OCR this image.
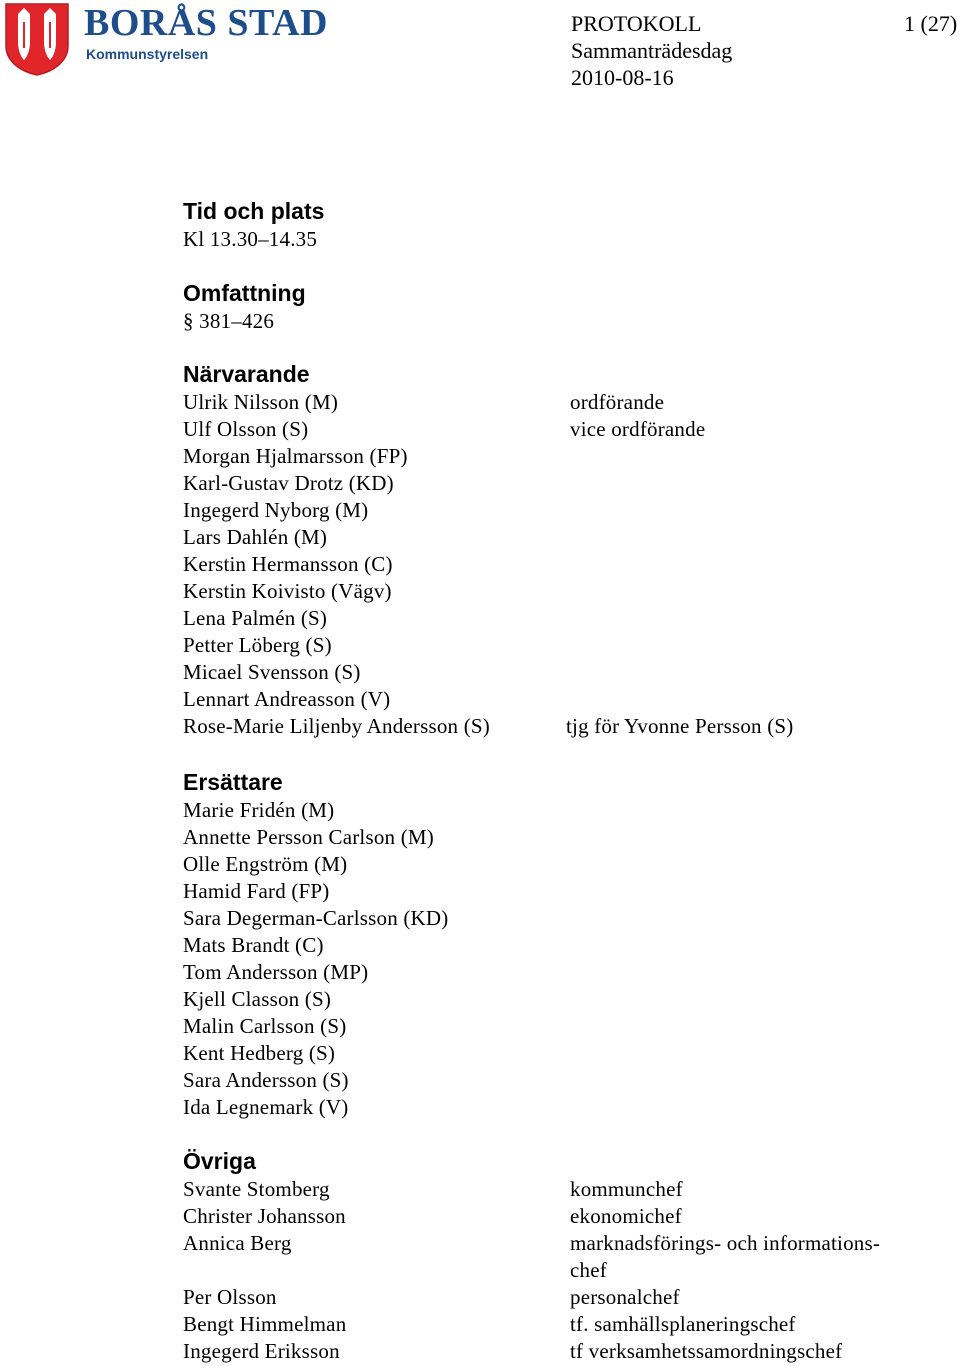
BORÅS STAD
Kommunstyrelsen
PROTOKOLL	1 (27)
Sammanträdesdag
2010-08-16
Tid och plats
Kl 13.30–14.35
Omfattning
§ 381–426
Närvarande
Ulrik Nilsson (M)	ordförande
Ulf Olsson (S)	vice ordförande
Morgan Hjalmarsson (FP)
Karl-Gustav Drotz (KD)
Ingegerd Nyborg (M)
Lars Dahlén (M)
Kerstin Hermansson (C)
Kerstin Koivisto (Vägv)
Lena Palmén (S)
Petter Löberg (S)
Micael Svensson (S)
Lennart Andreasson (V)
Rose-Marie Liljenby Andersson (S)	tjg för Yvonne Persson (S)
Ersättare
Marie Fridén (M)
Annette Persson Carlson (M)
Olle Engström (M)
Hamid Fard (FP)
Sara Degerman-Carlsson (KD)
Mats Brandt (C)
Tom Andersson (MP)
Kjell Classon (S)
Malin Carlsson (S)
Kent Hedberg (S)
Sara Andersson (S)
Ida Legnemark (V)
Övriga
Svante Stomberg	kommunchef
Christer Johansson	ekonomichef
Annica Berg	marknadsförings- och informations-
chef
Per Olsson	personalchef
Bengt Himmelman	tf. samhällsplaneringschef
Ingegerd Eriksson	tf verksamhetssamordningschef
